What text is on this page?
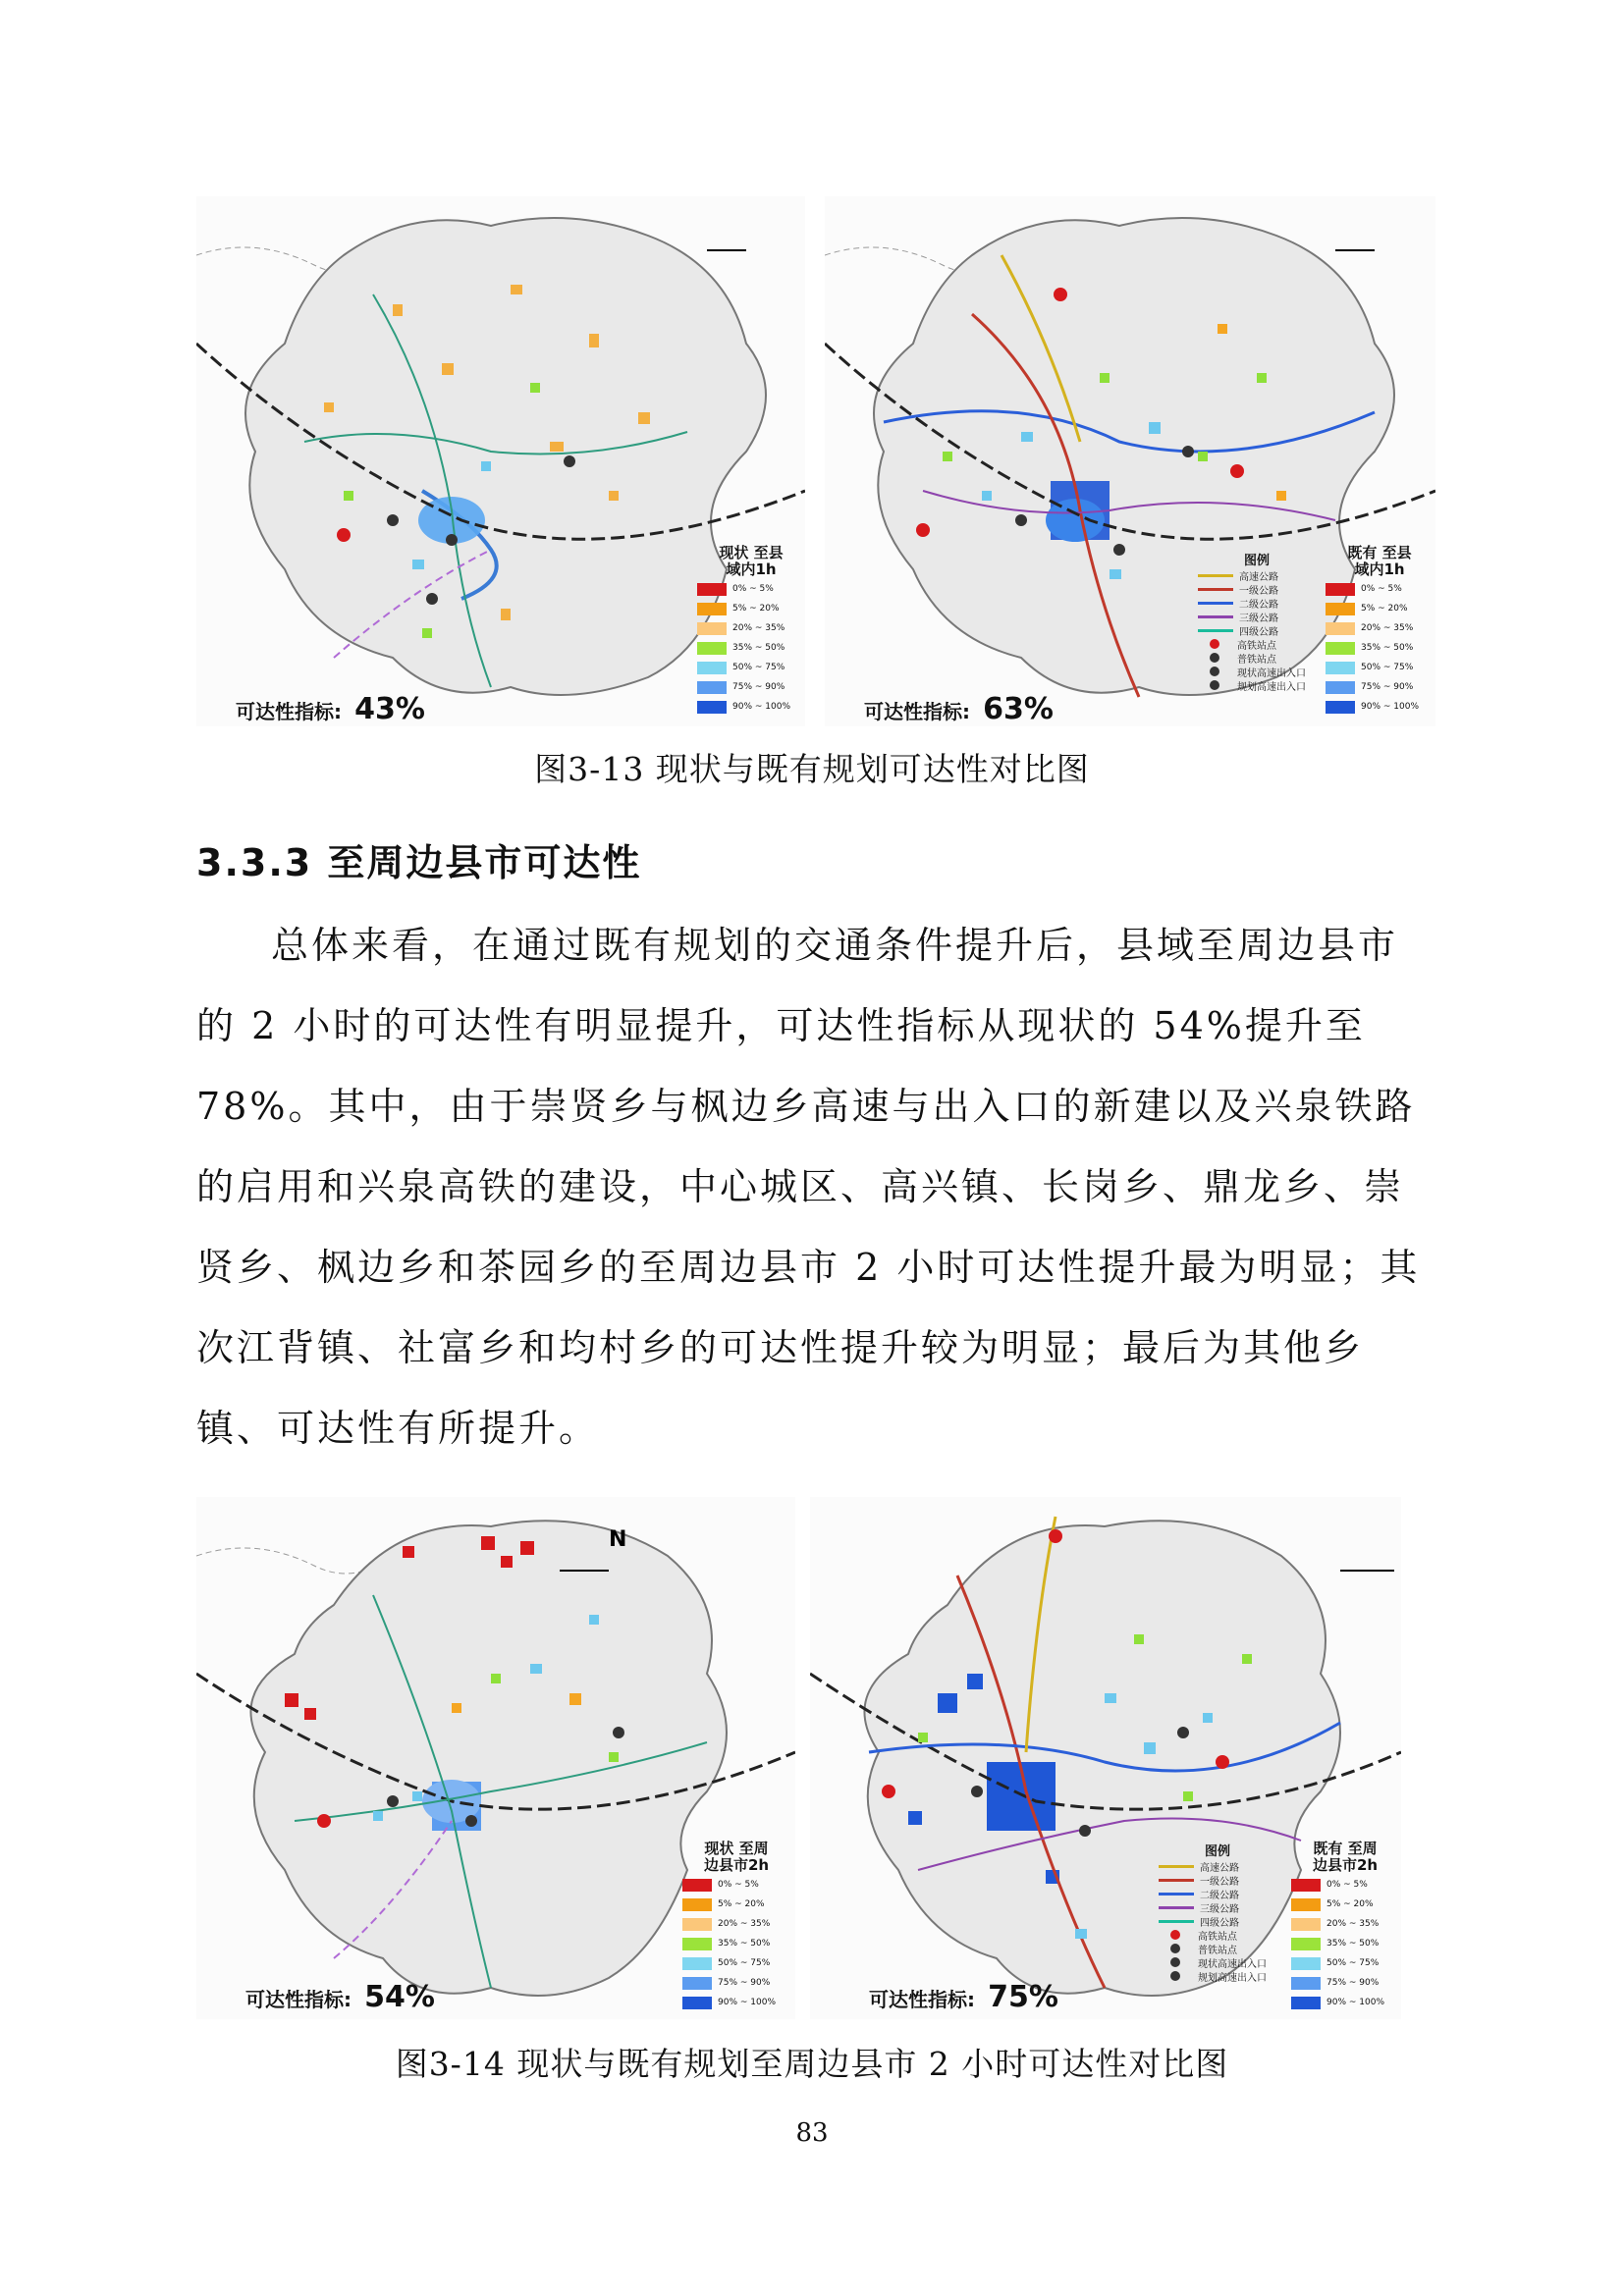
现状 至县
域内1h
0% ~ 5%
5% ~ 20%
20% ~ 35%
35% ~ 50%
50% ~ 75%
75% ~ 90%
90% ~ 100%
可达性指标: 43%
图例
高速公路
一级公路
二级公路
三级公路
四级公路
高铁站点
普铁站点
现状高速出入口
规划高速出入口
既有 至县
域内1h
0% ~ 5%
5% ~ 20%
20% ~ 35%
35% ~ 50%
50% ~ 75%
75% ~ 90%
90% ~ 100%
可达性指标: 63%
图3-13 现状与既有规划可达性对比图
3.3.3 至周边县市可达性

总体来看，在通过既有规划的交通条件提升后，县域至周边县市

的 2 小时的可达性有明显提升，可达性指标从现状的 54%提升至

78%。其中，由于崇贤乡与枫边乡高速与出入口的新建以及兴泉铁路

的启用和兴泉高铁的建设，中心城区、高兴镇、长岗乡、鼎龙乡、崇

贤乡、枫边乡和茶园乡的至周边县市 2 小时可达性提升最为明显；其

次江背镇、社富乡和均村乡的可达性提升较为明显；最后为其他乡

镇、可达性有所提升。

N
现状 至周
边县市2h
0% ~ 5%
5% ~ 20%
20% ~ 35%
35% ~ 50%
50% ~ 75%
75% ~ 90%
90% ~ 100%
可达性指标: 54%
图例
高速公路
一级公路
二级公路
三级公路
四级公路
高铁站点
普铁站点
现状高速出入口
规划高速出入口
既有 至周
边县市2h
0% ~ 5%
5% ~ 20%
20% ~ 35%
35% ~ 50%
50% ~ 75%
75% ~ 90%
90% ~ 100%
可达性指标: 75%
图3-14 现状与既有规划至周边县市 2 小时可达性对比图
83
